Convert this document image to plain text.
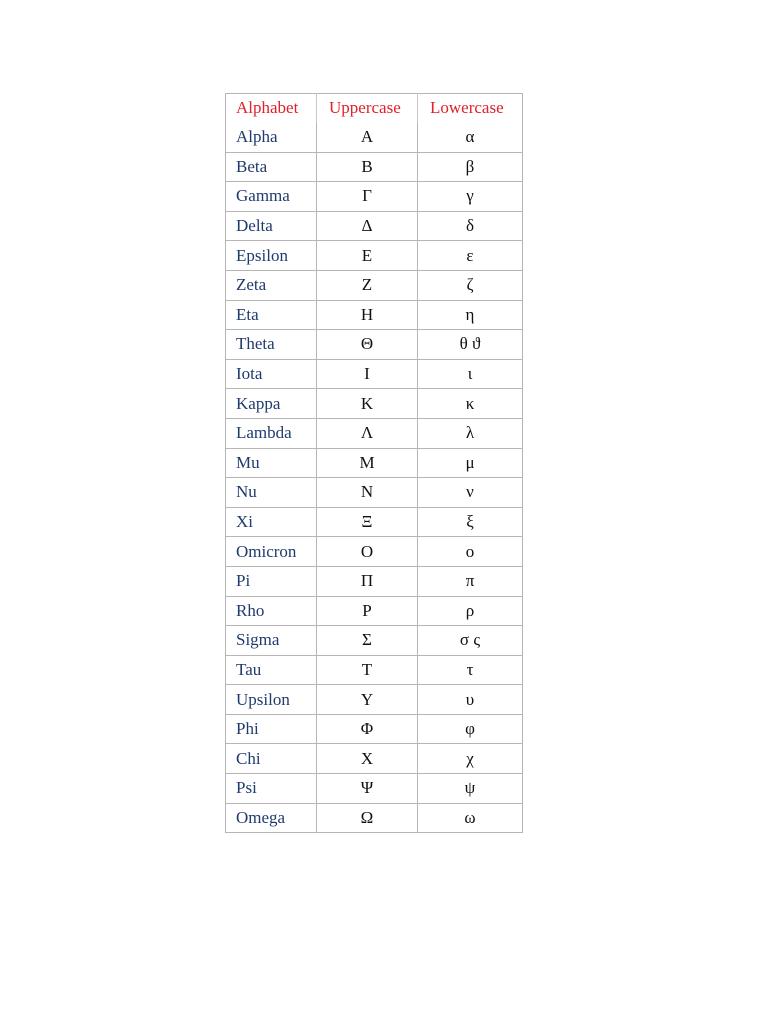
Alphabet	Uppercase	Lowercase
Alpha	Α	α
Beta	Β	β
Gamma	Γ	γ
Delta	Δ	δ
Epsilon	Ε	ε
Zeta	Ζ	ζ
Eta	Η	η
Theta	Θ	θ ϑ
Iota	Ι	ι
Kappa	Κ	κ
Lambda	Λ	λ
Mu	Μ	μ
Nu	Ν	ν
Xi	Ξ	ξ
Omicron	Ο	ο
Pi	Π	π
Rho	Ρ	ρ
Sigma	Σ	σ ς
Tau	Τ	τ
Upsilon	Υ	υ
Phi	Φ	φ
Chi	Χ	χ
Psi	Ψ	ψ
Omega	Ω	ω
